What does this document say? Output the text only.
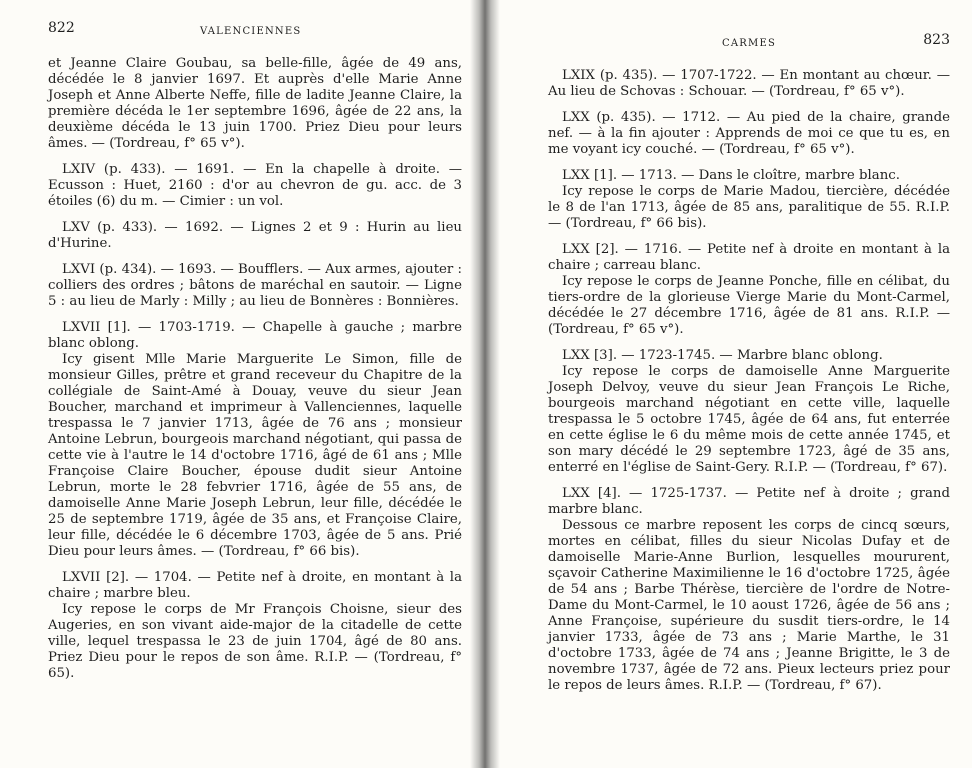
822	VALENCIENNES

et Jeanne Claire Goubau, sa belle-fille, âgée de 49 ans, décédée le 8 janvier 1697. Et auprès d'elle Marie Anne Joseph et Anne Alberte Neffe, fille de ladite Jeanne Claire, la première décéda le 1er septembre 1696, âgée de 22 ans, la deuxième décéda le 13 juin 1700. Priez Dieu pour leurs âmes. — (Tordreau, f° 65 v°).

LXIV (p. 433). — 1691. — En la chapelle à droite. — Ecusson : Huet, 2160 : d'or au chevron de gu. acc. de 3 étoiles (6) du m. — Cimier : un vol.

LXV (p. 433). — 1692. — Lignes 2 et 9 : Hurin au lieu d'Hurine.

LXVI (p. 434). — 1693. — Boufflers. — Aux armes, ajouter : colliers des ordres ; bâtons de maréchal en sautoir. — Ligne 5 : au lieu de Marly : Milly ; au lieu de Bonnères : Bonnières.

LXVII [1]. — 1703-1719. — Chapelle à gauche ; marbre blanc oblong.

Icy gisent Mlle Marie Marguerite Le Simon, fille de monsieur Gilles, prêtre et grand receveur du Chapitre de la collégiale de Saint-Amé à Douay, veuve du sieur Jean Boucher, marchand et imprimeur à Vallenciennes, laquelle trespassa le 7 janvier 1713, âgée de 76 ans ; monsieur Antoine Lebrun, bourgeois marchand négotiant, qui passa de cette vie à l'autre le 14 d'octobre 1716, âgé de 61 ans ; Mlle Françoise Claire Boucher, épouse dudit sieur Antoine Lebrun, morte le 28 febvrier 1716, âgée de 55 ans, de damoiselle Anne Marie Joseph Lebrun, leur fille, décédée le 25 de septembre 1719, âgée de 35 ans, et Françoise Claire, leur fille, décédée le 6 décembre 1703, âgée de 5 ans. Prié Dieu pour leurs âmes. — (Tordreau, f° 66 bis).

LXVII [2]. — 1704. — Petite nef à droite, en montant à la chaire ; marbre bleu.

Icy repose le corps de Mr François Choisne, sieur des Augeries, en son vivant aide-major de la citadelle de cette ville, lequel trespassa le 23 de juin 1704, âgé de 80 ans. Priez Dieu pour le repos de son âme. R.I.P. — (Tordreau, f° 65).

CARMES	823

LXIX (p. 435). — 1707-1722. — En montant au chœur. — Au lieu de Schovas : Schouar. — (Tordreau, f° 65 v°).

LXX (p. 435). — 1712. — Au pied de la chaire, grande nef. — à la fin ajouter : Apprends de moi ce que tu es, en me voyant icy couché. — (Tordreau, f° 65 v°).

LXX [1]. — 1713. — Dans le cloître, marbre blanc.

Icy repose le corps de Marie Madou, tiercière, décédée le 8 de l'an 1713, âgée de 85 ans, paralitique de 55. R.I.P. — (Tordreau, f° 66 bis).

LXX [2]. — 1716. — Petite nef à droite en montant à la chaire ; carreau blanc.

Icy repose le corps de Jeanne Ponche, fille en célibat, du tiers-ordre de la glorieuse Vierge Marie du Mont-Carmel, décédée le 27 décembre 1716, âgée de 81 ans. R.I.P. — (Tordreau, f° 65 v°).

LXX [3]. — 1723-1745. — Marbre blanc oblong.

Icy repose le corps de damoiselle Anne Marguerite Joseph Delvoy, veuve du sieur Jean François Le Riche, bourgeois marchand négotiant en cette ville, laquelle trespassa le 5 octobre 1745, âgée de 64 ans, fut enterrée en cette église le 6 du même mois de cette année 1745, et son mary décédé le 29 septembre 1723, âgé de 35 ans, enterré en l'église de Saint-Gery. R.I.P. — (Tordreau, f° 67).

LXX [4]. — 1725-1737. — Petite nef à droite ; grand marbre blanc.

Dessous ce marbre reposent les corps de cincq sœurs, mortes en célibat, filles du sieur Nicolas Dufay et de damoiselle Marie-Anne Burlion, lesquelles moururent, sçavoir Catherine Maximilienne le 16 d'octobre 1725, âgée de 54 ans ; Barbe Thérèse, tiercière de l'ordre de Notre-Dame du Mont-Carmel, le 10 aoust 1726, âgée de 56 ans ; Anne Françoise, supérieure du susdit tiers-ordre, le 14 janvier 1733, âgée de 73 ans ; Marie Marthe, le 31 d'octobre 1733, âgée de 74 ans ; Jeanne Brigitte, le 3 de novembre 1737, âgée de 72 ans. Pieux lecteurs priez pour le repos de leurs âmes. R.I.P. — (Tordreau, f° 67).
